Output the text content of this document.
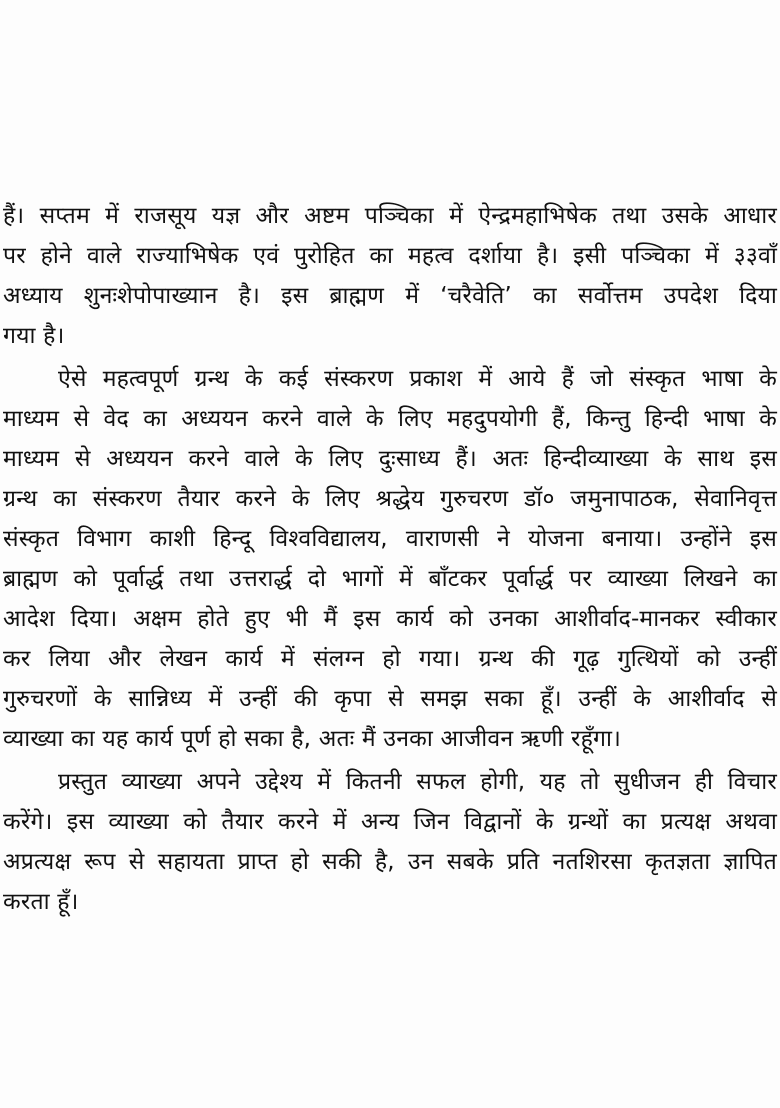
हैं। सप्तम में राजसूय यज्ञ और अष्टम पञ्चिका में ऐन्द्रमहाभिषेक तथा उसके आधार
पर होने वाले राज्याभिषेक एवं पुरोहित का महत्व दर्शाया है। इसी पञ्चिका में ३३वाँ
अध्याय शुनःशेपोपाख्यान है। इस ब्राह्मण में ‘चरैवेति’ का सर्वोत्तम उपदेश दिया
गया है।
ऐसे महत्वपूर्ण ग्रन्थ के कई संस्करण प्रकाश में आये हैं जो संस्कृत भाषा के
माध्यम से वेद का अध्ययन करने वाले के लिए महदुपयोगी हैं, किन्तु हिन्दी भाषा के
माध्यम से अध्ययन करने वाले के लिए दुःसाध्य हैं। अतः हिन्दीव्याख्या के साथ इस
ग्रन्थ का संस्करण तैयार करने के लिए श्रद्धेय गुरुचरण डॉ० जमुनापाठक, सेवानिवृत्त
संस्कृत विभाग काशी हिन्दू विश्वविद्यालय, वाराणसी ने योजना बनाया। उन्होंने इस
ब्राह्मण को पूर्वार्द्ध तथा उत्तरार्द्ध दो भागों में बाँटकर पूर्वार्द्ध पर व्याख्या लिखने का
आदेश दिया। अक्षम होते हुए भी मैं इस कार्य को उनका आशीर्वाद-मानकर स्वीकार
कर लिया और लेखन कार्य में संलग्न हो गया। ग्रन्थ की गूढ़ गुत्थियों को उन्हीं
गुरुचरणों के सान्निध्य में उन्हीं की कृपा से समझ सका हूँ। उन्हीं के आशीर्वाद से
व्याख्या का यह कार्य पूर्ण हो सका है, अतः मैं उनका आजीवन ऋणी रहूँगा।
प्रस्तुत व्याख्या अपने उद्देश्य में कितनी सफल होगी, यह तो सुधीजन ही विचार
करेंगे। इस व्याख्या को तैयार करने में अन्य जिन विद्वानों के ग्रन्थों का प्रत्यक्ष अथवा
अप्रत्यक्ष रूप से सहायता प्राप्त हो सकी है, उन सबके प्रति नतशिरसा कृतज्ञता ज्ञापित
करता हूँ।
